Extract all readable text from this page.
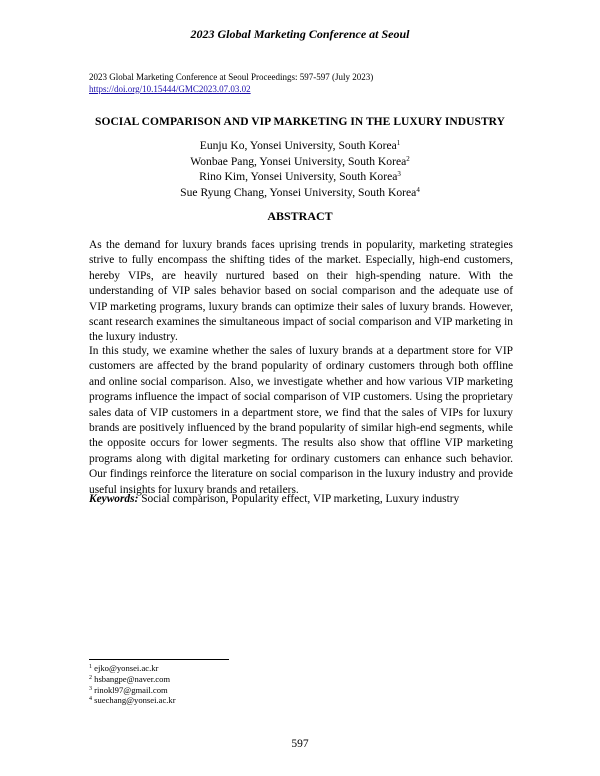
2023 Global Marketing Conference at Seoul
2023 Global Marketing Conference at Seoul Proceedings: 597-597 (July 2023)
https://doi.org/10.15444/GMC2023.07.03.02
SOCIAL COMPARISON AND VIP MARKETING IN THE LUXURY INDUSTRY
Eunju Ko, Yonsei University, South Korea$^1$
Wonbae Pang, Yonsei University, South Korea$^2$
Rino Kim, Yonsei University, South Korea$^3$
Sue Ryung Chang, Yonsei University, South Korea$^4$
ABSTRACT

As the demand for luxury brands faces uprising trends in popularity, marketing strategies strive to fully encompass the shifting tides of the market. Especially, high-end customers, hereby VIPs, are heavily nurtured based on their high-spending nature. With the understanding of VIP sales behavior based on social comparison and the adequate use of VIP marketing programs, luxury brands can optimize their sales of luxury brands. However, scant research examines the simultaneous impact of social comparison and VIP marketing in the luxury industry.

In this study, we examine whether the sales of luxury brands at a department store for VIP customers are affected by the brand popularity of ordinary customers through both offline and online social comparison. Also, we investigate whether and how various VIP marketing programs influence the impact of social comparison of VIP customers. Using the proprietary sales data of VIP customers in a department store, we find that the sales of VIPs for luxury brands are positively influenced by the brand popularity of similar high-end segments, while the opposite occurs for lower segments. The results also show that offline VIP marketing programs along with digital marketing for ordinary customers can enhance such behavior. Our findings reinforce the literature on social comparison in the luxury industry and provide useful insights for luxury brands and retailers.

Keywords: Social comparison, Popularity effect, VIP marketing, Luxury industry
$^1$ ejko@yonsei.ac.kr
$^2$ hsbangpe@naver.com
$^3$ rinokl97@gmail.com
$^4$ suechang@yonsei.ac.kr
597
